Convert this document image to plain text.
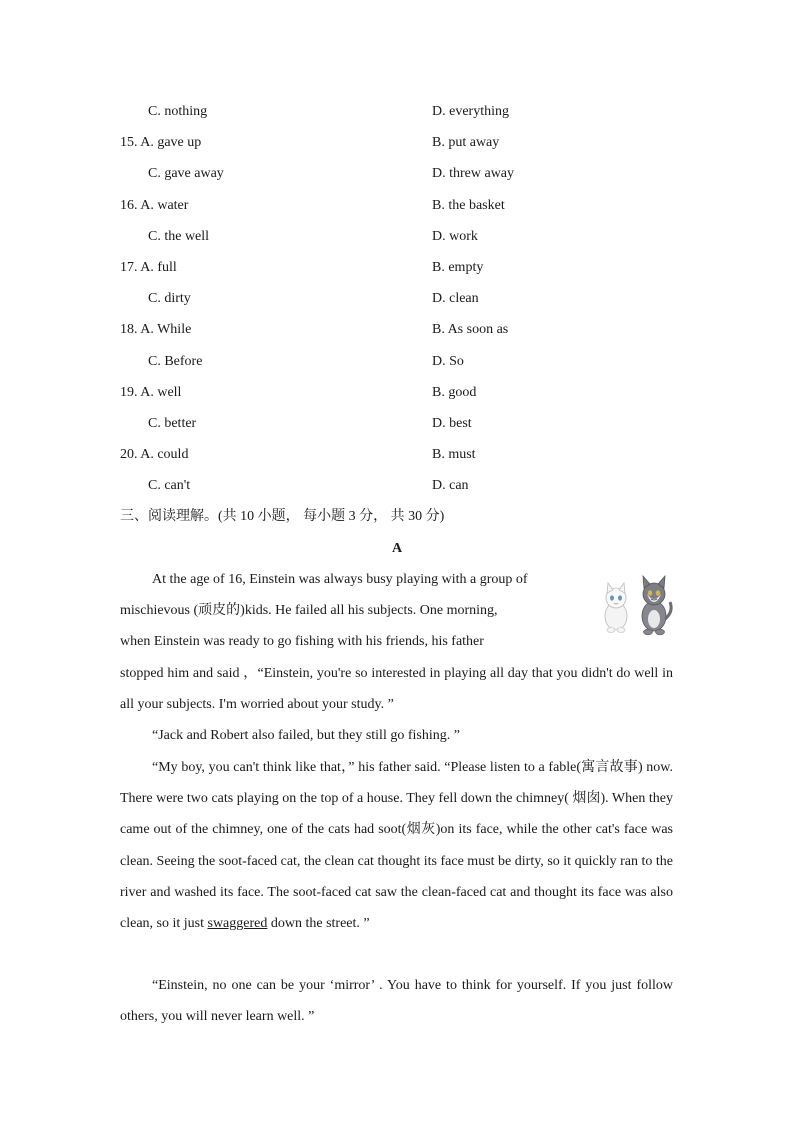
C. nothing	D. everything
15. A. gave up	B. put away
C. gave away	D. threw away
16. A. water	B. the basket
C. the well	D. work
17. A. full	B. empty
C. dirty	D. clean
18. A. While	B. As soon as
C. Before	D. So
19. A. well	B. good
C. better	D. best
20. A. could	B. must
C. can't	D. can
三、阅读理解。(共 10 小题， 每小题 3 分， 共 30 分)
A
At the age of 16, Einstein was always busy playing with a group of
mischievous (顽皮的)kids. He failed all his subjects. One morning,
when Einstein was ready to go fishing with his friends, his father
stopped him and said ，“Einstein, you're so interested in playing all day that you didn't do well in all your subjects. I'm worried about your study. ”
“Jack and Robert also failed, but they still go fishing. ”
“My boy, you can't think like that，” his father said. “Please listen to a fable(寓言故事) now. There were two cats playing on the top of a house. They fell down the chimney( 烟囱). When they came out of the chimney, one of the cats had soot(烟灰)on its face, while the other cat's face was clean. Seeing the soot-faced cat, the clean cat thought its face must be dirty, so it quickly ran to the river and washed its face. The soot-faced cat saw the clean-faced cat and thought its face was also clean, so it just swaggered down the street. ”
“Einstein, no one can be your ‘mirror’ . You have to think for yourself. If you just follow others, you will never learn well. ”
